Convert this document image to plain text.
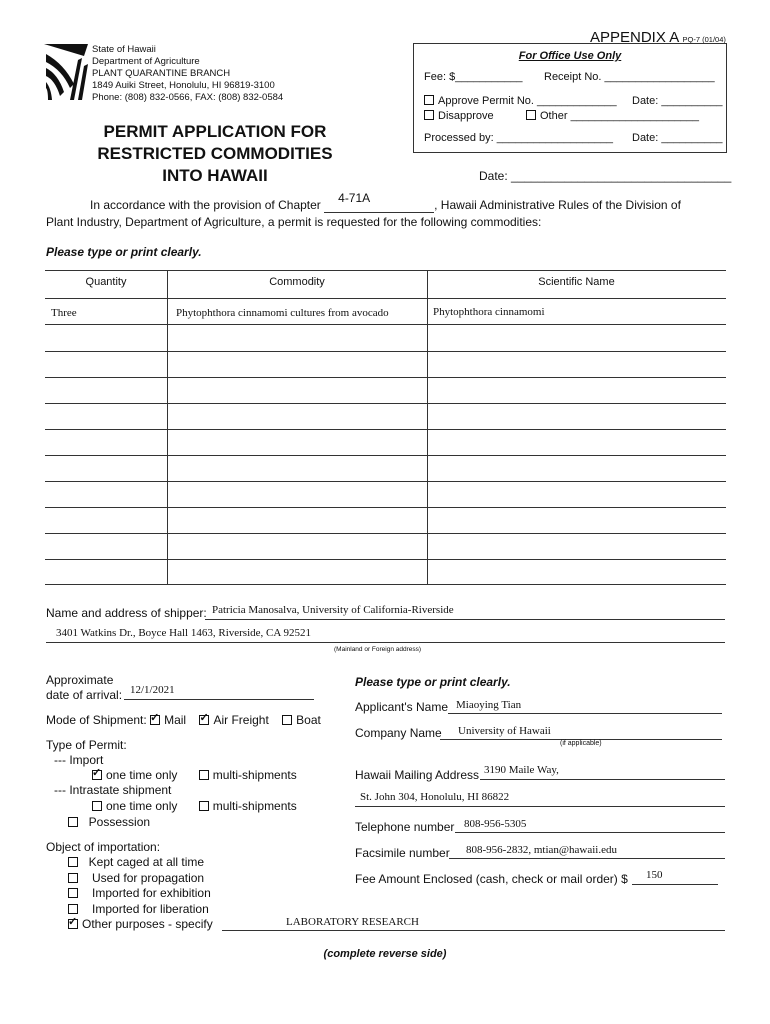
State of Hawaii
Department of Agriculture
PLANT QUARANTINE BRANCH
1849 Auiki Street, Honolulu, HI 96819-3100
Phone: (808) 832-0566, FAX: (808) 832-0584
PERMIT APPLICATION FOR
RESTRICTED COMMODITIES
INTO HAWAII
APPENDIX A PQ-7 (01/04)
For Office Use Only
Fee: $___________ Receipt No. __________________
Approve Permit No. _____________ Date: __________
Disapprove	Other _____________________
Processed by: ___________________ Date: __________
Date: _________________________________
In accordance with the provision of Chapter 4-71A	, Hawaii Administrative Rules of the Division of
Plant Industry, Department of Agriculture, a permit is requested for the following commodities:
Please type or print clearly.
Quantity	Commodity	Scientific Name
Three	Phytophthora cinnamomi cultures from avocado	Phytophthora cinnamomi
Name and address of shipper: Patricia Manosalva, University of California-Riverside
3401 Watkins Dr., Boyce Hall 1463, Riverside, CA 92521
(Mainland or Foreign address)
Approximate
date of arrival: 12/1/2021
Mode of Shipment: ✓ Mail ✓ Air Freight Boat
Type of Permit:
--- Import
✓one time only	multi-shipments
--- Intrastate shipment
one time only	multi-shipments
Possession
Object of importation:
Kept caged at all time
Used for propagation
Imported for exhibition
Imported for liberation
✓Other purposes - specify	LABORATORY RESEARCH
Please type or print clearly.
Applicant's Name Miaoying Tian
Company Name University of Hawaii
(if applicable)
Hawaii Mailing Address 3190 Maile Way,
St. John 304, Honolulu, HI 86822
Telephone number 808-956-5305
Facsimile number 808-956-2832, mtian@hawaii.edu
Fee Amount Enclosed (cash, check or mail order) $ 150
(complete reverse side)
